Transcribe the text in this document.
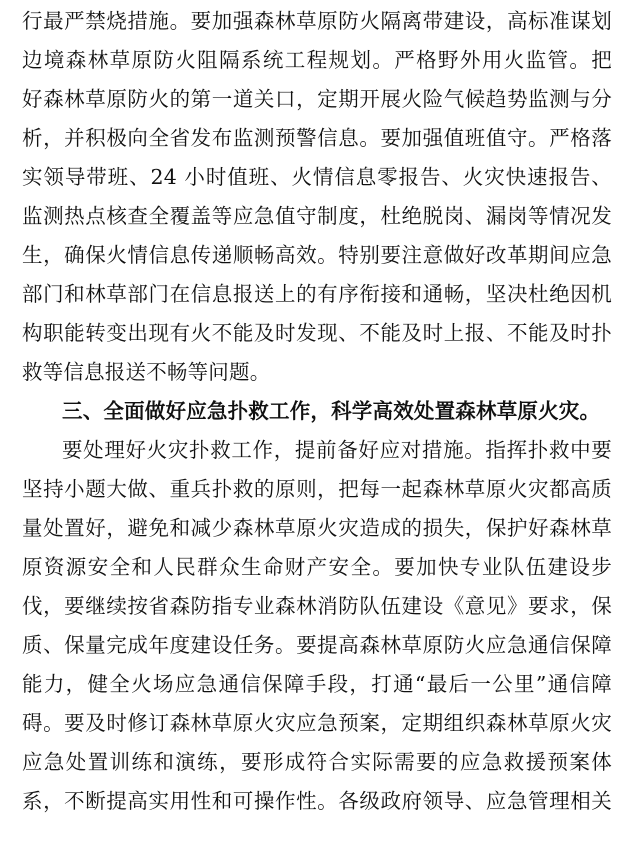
行最严禁烧措施。要加强森林草原防火隔离带建设，高标准谋划
边境森林草原防火阻隔系统工程规划。严格野外用火监管。把
好森林草原防火的第一道关口，定期开展火险气候趋势监测与分
析，并积极向全省发布监测预警信息。要加强值班值守。严格落
实领导带班、24 小时值班、火情信息零报告、火灾快速报告、
监测热点核查全覆盖等应急值守制度，杜绝脱岗、漏岗等情况发
生，确保火情信息传递顺畅高效。特别要注意做好改革期间应急
部门和林草部门在信息报送上的有序衔接和通畅，坚决杜绝因机
构职能转变出现有火不能及时发现、不能及时上报、不能及时扑
救等信息报送不畅等问题。
三、全面做好应急扑救工作，科学高效处置森林草原火灾。
要处理好火灾扑救工作，提前备好应对措施。指挥扑救中要
坚持小题大做、重兵扑救的原则，把每一起森林草原火灾都高质
量处置好，避免和减少森林草原火灾造成的损失，保护好森林草
原资源安全和人民群众生命财产安全。要加快专业队伍建设步
伐，要继续按省森防指专业森林消防队伍建设《意见》要求，保
质、保量完成年度建设任务。要提高森林草原防火应急通信保障
能力，健全火场应急通信保障手段，打通“最后一公里”通信障
碍。要及时修订森林草原火灾应急预案，定期组织森林草原火灾
应急处置训练和演练，要形成符合实际需要的应急救援预案体
系，不断提高实用性和可操作性。各级政府领导、应急管理相关
